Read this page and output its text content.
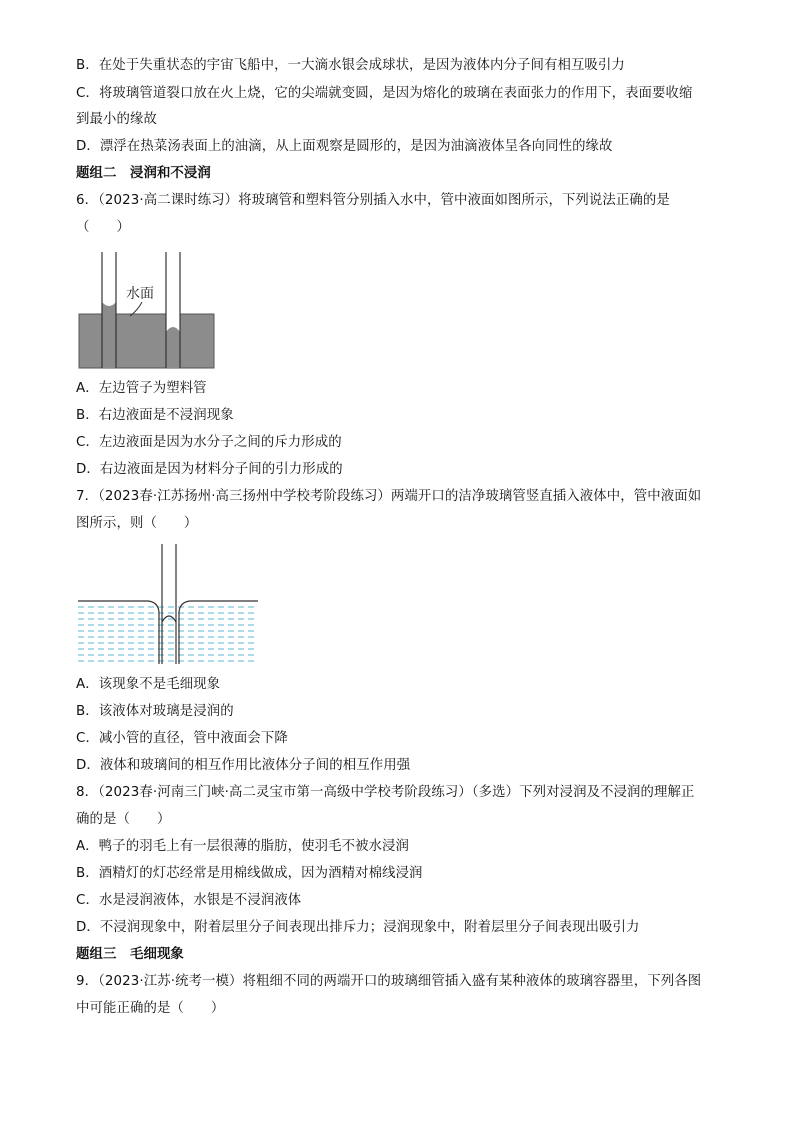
B．在处于失重状态的宇宙飞船中，一大滴水银会成球状，是因为液体内分子间有相互吸引力

C．将玻璃管道裂口放在火上烧，它的尖端就变圆，是因为熔化的玻璃在表面张力的作用下，表面要收缩

到最小的缘故

D．漂浮在热菜汤表面上的油滴，从上面观察是圆形的，是因为油滴液体呈各向同性的缘故

题组二　浸润和不浸润

6．（2023·高二课时练习）将玻璃管和塑料管分别插入水中，管中液面如图所示，下列说法正确的是

（　　）

水面

A．左边管子为塑料管

B．右边液面是不浸润现象

C．左边液面是因为水分子之间的斥力形成的

D．右边液面是因为材料分子间的引力形成的

7．（2023春·江苏扬州·高三扬州中学校考阶段练习）两端开口的洁净玻璃管竖直插入液体中，管中液面如

图所示，则（　　）

A．该现象不是毛细现象

B．该液体对玻璃是浸润的

C．减小管的直径，管中液面会下降

D．液体和玻璃间的相互作用比液体分子间的相互作用强

8．（2023春·河南三门峡·高二灵宝市第一高级中学校考阶段练习）（多选）下列对浸润及不浸润的理解正

确的是（　　）

A．鸭子的羽毛上有一层很薄的脂肪，使羽毛不被水浸润

B．酒精灯的灯芯经常是用棉线做成，因为酒精对棉线浸润

C．水是浸润液体，水银是不浸润液体

D．不浸润现象中，附着层里分子间表现出排斥力；浸润现象中，附着层里分子间表现出吸引力

题组三　毛细现象

9．（2023·江苏·统考一模）将粗细不同的两端开口的玻璃细管插入盛有某种液体的玻璃容器里，下列各图

中可能正确的是（　　）
